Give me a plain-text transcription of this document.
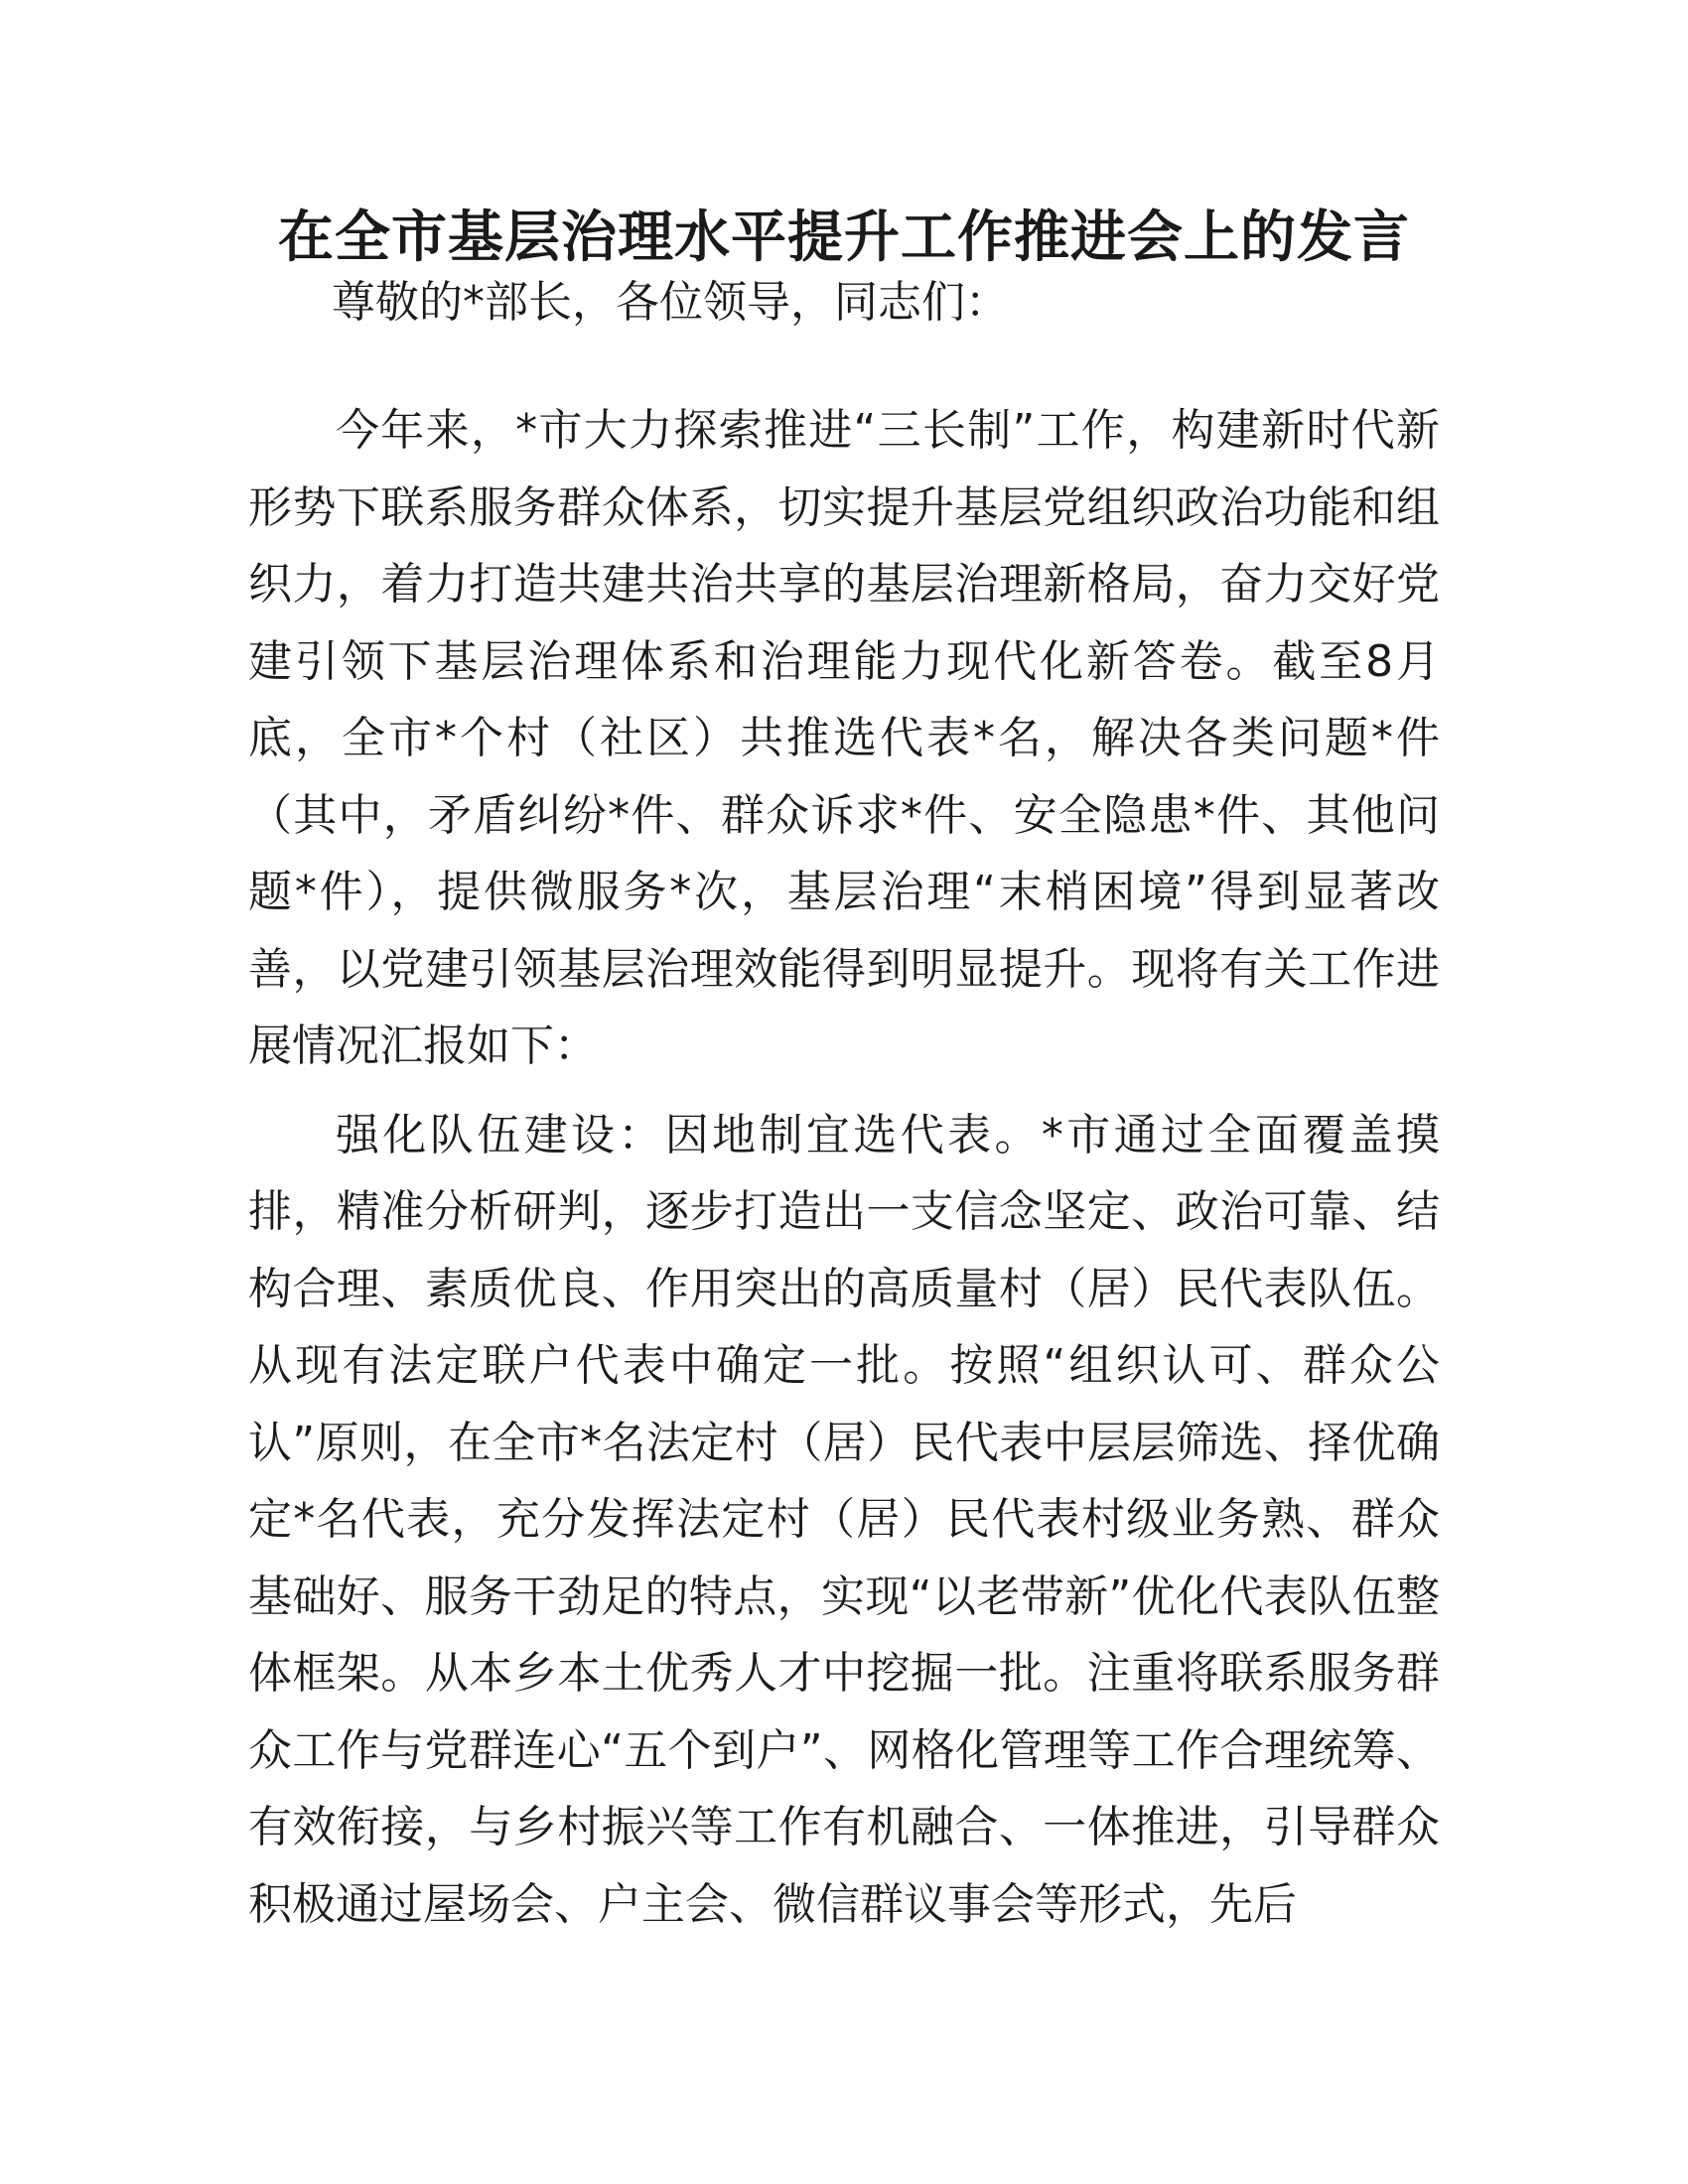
在全市基层治理水平提升工作推进会上的发言
尊敬的*部长，各位领导，同志们：

今年来，*市大力探索推进“三长制”工作，构建新时代新形势下联系服务群众体系，切实提升基层党组织政治功能和组织力，着力打造共建共治共享的基层治理新格局，奋力交好党建引领下基层治理体系和治理能力现代化新答卷。截至8月底，全市*个村（社区）共推选代表*名，解决各类问题*件（其中，矛盾纠纷*件、群众诉求*件、安全隐患*件、其他问题*件），提供微服务*次，基层治理“末梢困境”得到显著改善，以党建引领基层治理效能得到明显提升。现将有关工作进展情况汇报如下：

强化队伍建设：因地制宜选代表。*市通过全面覆盖摸排，精准分析研判，逐步打造出一支信念坚定、政治可靠、结构合理、素质优良、作用突出的高质量村（居）民代表队伍。从现有法定联户代表中确定一批。按照“组织认可、群众公认”原则，在全市*名法定村（居）民代表中层层筛选、择优确定*名代表，充分发挥法定村（居）民代表村级业务熟、群众基础好、服务干劲足的特点，实现“以老带新”优化代表队伍整体框架。从本乡本土优秀人才中挖掘一批。注重将联系服务群众工作与党群连心“五个到户”、网格化管理等工作合理统筹、有效衔接，与乡村振兴等工作有机融合、一体推进，引导群众积极通过屋场会、户主会、微信群议事会等形式，先后
